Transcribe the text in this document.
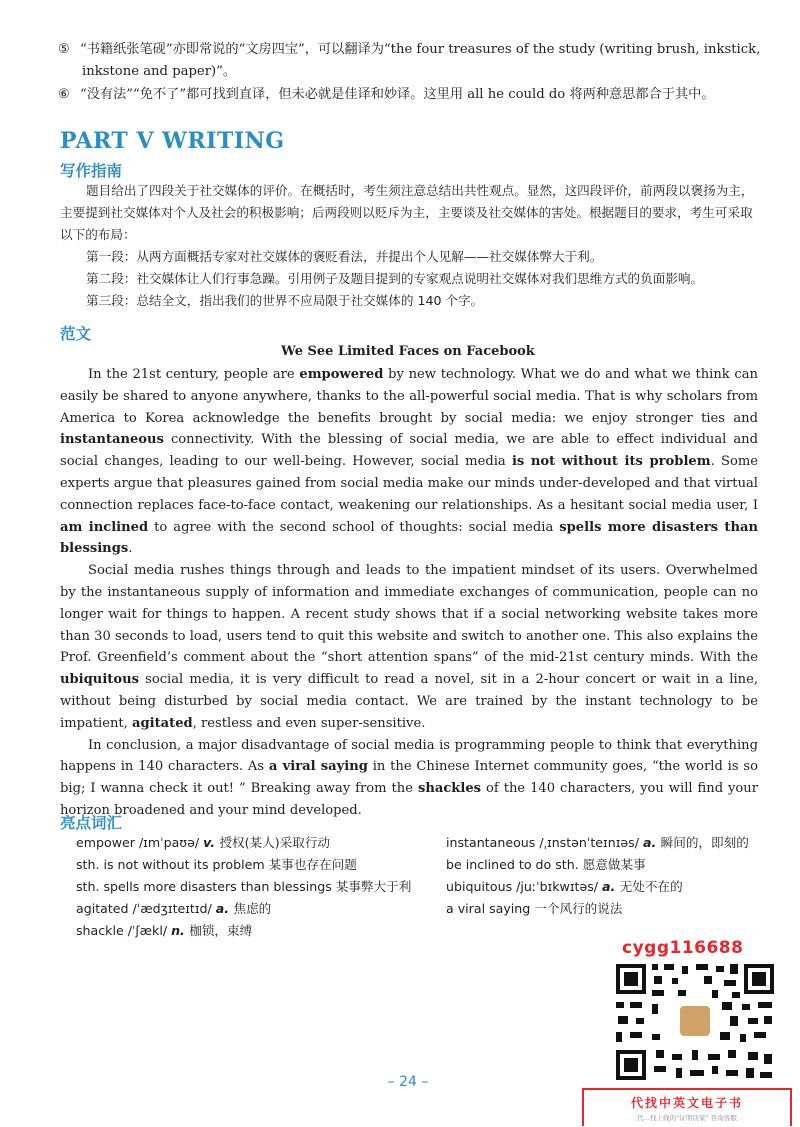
⑤ “书籍纸张笔砚”亦即常说的“文房四宝”，可以翻译为“the four treasures of the study (writing brush, inkstick,
inkstone and paper)”。
⑥ “没有法”“免不了”都可找到直译，但未必就是佳译和妙译。这里用 all he could do 将两种意思都合于其中。
PART V WRITING
写作指南

题目给出了四段关于社交媒体的评价。在概括时，考生须注意总结出共性观点。显然，这四段评价，前两段以褒扬为主，主要提到社交媒体对个人及社会的积极影响；后两段则以贬斥为主，主要谈及社交媒体的害处。根据题目的要求，考生可采取以下的布局：

第一段：从两方面概括专家对社交媒体的褒贬看法，并提出个人见解——社交媒体弊大于利。

第二段：社交媒体让人们行事急躁。引用例子及题目提到的专家观点说明社交媒体对我们思维方式的负面影响。

第三段：总结全文，指出我们的世界不应局限于社交媒体的 140 个字。

范文
We See Limited Faces on Facebook

In the 21st century, people are empowered by new technology. What we do and what we think can easily be shared to anyone anywhere, thanks to the all-powerful social media. That is why scholars from America to Korea acknowledge the benefits brought by social media: we enjoy stronger ties and instantaneous connectivity. With the blessing of social media, we are able to effect individual and social changes, leading to our well-being. However, social media is not without its problem. Some experts argue that pleasures gained from social media make our minds under-developed and that virtual connection replaces face-to-face contact, weakening our relationships. As a hesitant social media user, I am inclined to agree with the second school of thoughts: social media spells more disasters than blessings.

Social media rushes things through and leads to the impatient mindset of its users. Overwhelmed by the instantaneous supply of information and immediate exchanges of communication, people can no longer wait for things to happen. A recent study shows that if a social networking website takes more than 30 seconds to load, users tend to quit this website and switch to another one. This also explains the Prof. Greenfield’s comment about the “short attention spans” of the mid-21st century minds. With the ubiquitous social media, it is very difficult to read a novel, sit in a 2-hour concert or wait in a line, without being disturbed by social media contact. We are trained by the instant technology to be impatient, agitated, restless and even super-sensitive.

In conclusion, a major disadvantage of social media is programming people to think that everything happens in 140 characters. As a viral saying in the Chinese Internet community goes, “the world is so big; I wanna check it out! ” Breaking away from the shackles of the 140 characters, you will find your horizon broadened and your mind developed.

亮点词汇
empower /ɪmˈpaʊə/ v. 授权(某人)采取行动
sth. is not without its problem 某事也存在问题
sth. spells more disasters than blessings 某事弊大于利
agitated /ˈædʒɪteɪtɪd/ a. 焦虑的
shackle /ˈʃækl/ n. 枷锁，束缚
instantaneous /ˌɪnstənˈteɪnɪəs/ a. 瞬间的，即刻的
be inclined to do sth. 愿意做某事
ubiquitous /juːˈbɪkwɪtəs/ a. 无处不在的
a viral saying 一个风行的说法
– 24 –
cygg116688
代找中英文电子书
代…找上线的“证明店家” 咨询客服
